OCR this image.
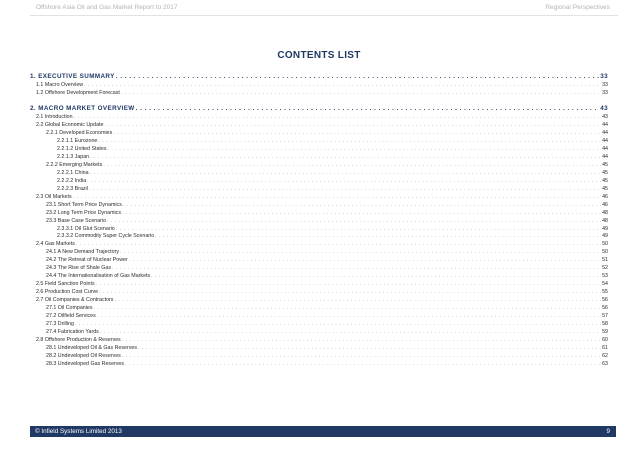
Offshore Asia Oil and Gas Market Report to 2017	Regional Perspectives
CONTENTS LIST
1. EXECUTIVE SUMMARY . . .	33
1.1 Macro Overview . . .	33
1.2 Offshore Development Forecast . . .	33
2. MACRO MARKET OVERVIEW . . .	43
2.1 Introduction . . .	43
2.2 Global Economic Update . . .	44
2.2.1 Developed Economies . . .	44
2.2.1.1 Eurozone . . .	44
2.2.1.2 United States . . .	44
2.2.1.3 Japan . . .	44
2.2.2 Emerging Markets . . .	45
2.2.2.1 China . . .	45
2.2.2.2 India . . .	45
2.2.2.3 Brazil . . .	45
2.3 Oil Markets . . .	46
23.1 Short Term Price Dynamics . . .	46
23.2 Long Term Price Dynamics . . .	48
23.3 Base Case Scenario . . .	48
2.3.3.1 Oil Glut Scenario . . .	49
2.3.3.2 Commodity Super Cycle Scenario . . .	49
2.4 Gas Markets . . .	50
24.1 A New Demand Trajectory . . .	50
24.2 The Retreat of Nuclear Power . . .	51
24.3 The Rise of Shale Gas . . .	52
24.4 The Internationalisation of Gas Markets . . .	53
2.5 Field Sanction Points . . .	54
2.6 Production Cost Curve . . .	55
2.7 Oil Companies & Contractors . . .	56
27.1 Oil Companies . . .	56
27.2 Oilfield Services . . .	57
27.3 Drilling . . .	58
27.4 Fabrication Yards . . .	59
2.8 Offshore Production & Reserves . . .	60
28.1 Undeveloped Oil & Gas Reserves . . .	61
28.2 Undeveloped Oil Reserves . . .	62
28.3 Undeveloped Gas Reserves . . .	63
© Infield Systems Limited 2013	9
